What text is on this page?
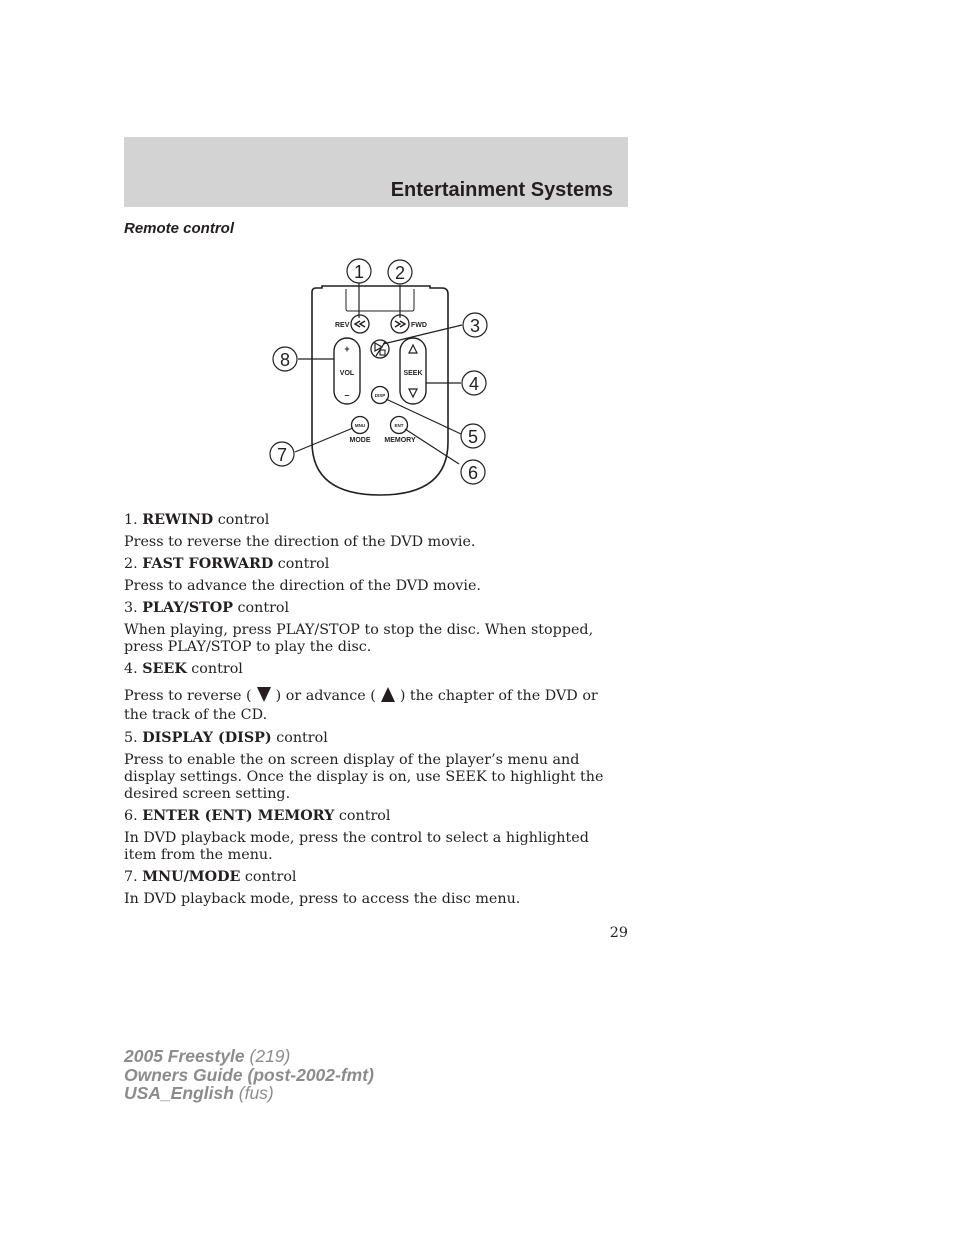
Entertainment Systems
Remote control
REV	FWD
+
VOL
–
SEEK
DISP
MNU
MODE
ENT
MEMORY
1 2
3
4
5
6
7
8
1. REWIND control
Press to reverse the direction of the DVD movie.
2. FAST FORWARD control
Press to advance the direction of the DVD movie.
3. PLAY/STOP control
When playing, press PLAY/STOP to stop the disc. When stopped, press PLAY/STOP to play the disc.
4. SEEK control
Press to reverse ( ) or advance ( ) the chapter of the DVD or the track of the CD.
5. DISPLAY (DISP) control
Press to enable the on screen display of the player’s menu and display settings. Once the display is on, use SEEK to highlight the desired screen setting.
6. ENTER (ENT) MEMORY control
In DVD playback mode, press the control to select a highlighted item from the menu.
7. MNU/MODE control
In DVD playback mode, press to access the disc menu.
29
2005 Freestyle (219)
Owners Guide (post-2002-fmt)
USA_English (fus)
